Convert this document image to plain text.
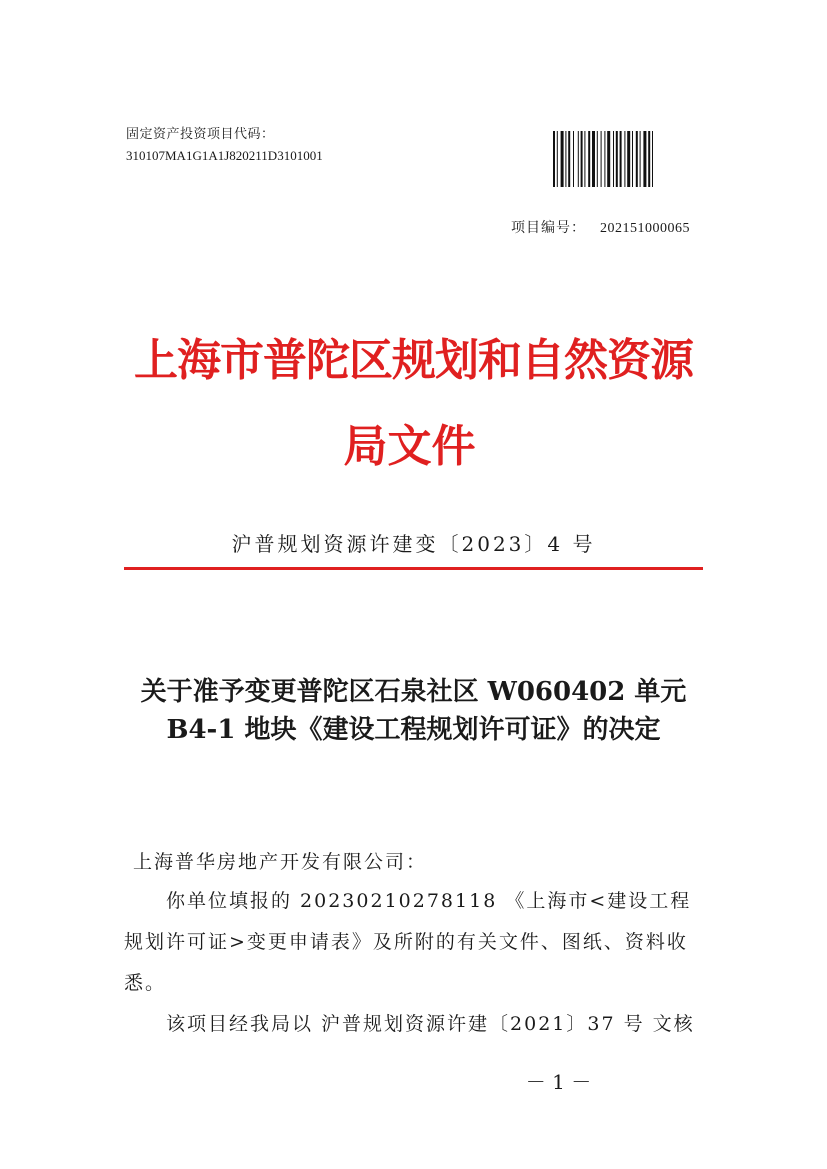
固定资产投资项目代码：
310107MA1G1A1J820211D3101001
项目编号： 202151000065
上海市普陀区规划和自然资源
局文件
沪普规划资源许建变〔2023〕4 号
关于准予变更普陀区石泉社区 W060402 单元 B4-1 地块《建设工程规划许可证》的决定
上海普华房地产开发有限公司：
你单位填报的 20230210278118 《上海市<建设工程规划许可证>变更申请表》及所附的有关文件、图纸、资料收悉。
该项目经我局以 沪普规划资源许建〔2021〕37 号 文核
－ 1 －
